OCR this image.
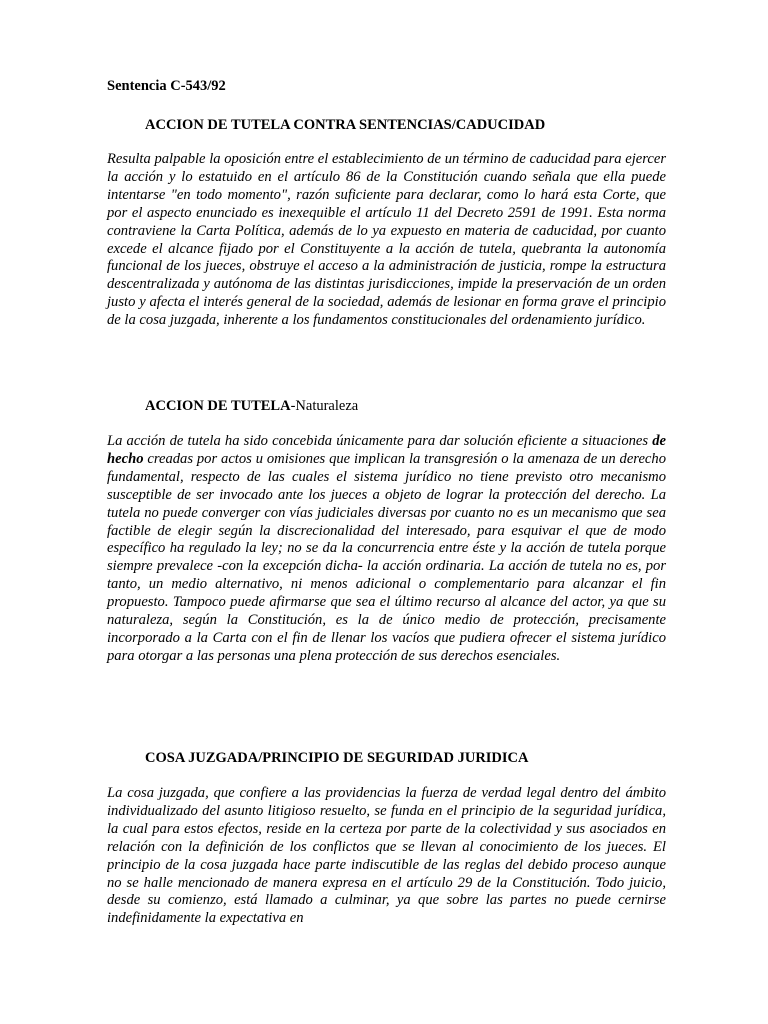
Sentencia C-543/92

ACCION DE TUTELA CONTRA SENTENCIAS/CADUCIDAD

Resulta palpable la oposición entre el establecimiento de un término de caducidad para ejercer la acción y lo estatuido en el artículo 86 de la Constitución cuando señala que ella puede intentarse "en todo momento", razón suficiente para declarar, como lo hará esta Corte, que por el aspecto enunciado es inexequible el artículo 11 del Decreto 2591 de 1991. Esta norma contraviene la Carta Política, además de lo ya expuesto en materia de caducidad, por cuanto excede el alcance fijado por el Constituyente a la acción de tutela, quebranta la autonomía funcional de los jueces, obstruye el acceso a la administración de justicia, rompe la estructura descentralizada y autónoma de las distintas jurisdicciones, impide la preservación de un orden justo y afecta el interés general de la sociedad, además de lesionar en forma grave el principio de la cosa juzgada, inherente a los fundamentos constitucionales del ordenamiento jurídico.

ACCION DE TUTELA-Naturaleza

La acción de tutela ha sido concebida únicamente para dar solución eficiente a situaciones de hecho creadas por actos u omisiones que implican la transgresión o la amenaza de un derecho fundamental, respecto de las cuales el sistema jurídico no tiene previsto otro mecanismo susceptible de ser invocado ante los jueces a objeto de lograr la protección del derecho. La tutela no puede converger con vías judiciales diversas por cuanto no es un mecanismo que sea factible de elegir según la discrecionalidad del interesado, para esquivar el que de modo específico ha regulado la ley; no se da la concurrencia entre éste y la acción de tutela porque siempre prevalece -con la excepción dicha- la acción ordinaria. La acción de tutela no es, por tanto, un medio alternativo, ni menos adicional o complementario para alcanzar el fin propuesto. Tampoco puede afirmarse que sea el último recurso al alcance del actor, ya que su naturaleza, según la Constitución, es la de único medio de protección, precisamente incorporado a la Carta con el fin de llenar los vacíos que pudiera ofrecer el sistema jurídico para otorgar a las personas una plena protección de sus derechos esenciales.

COSA JUZGADA/PRINCIPIO DE SEGURIDAD JURIDICA

La cosa juzgada, que confiere a las providencias la fuerza de verdad legal dentro del ámbito individualizado del asunto litigioso resuelto, se funda en el principio de la seguridad jurídica, la cual para estos efectos, reside en la certeza por parte de la colectividad y sus asociados en relación con la definición de los conflictos que se llevan al conocimiento de los jueces. El principio de la cosa juzgada hace parte indiscutible de las reglas del debido proceso aunque no se halle mencionado de manera expresa en el artículo 29 de la Constitución. Todo juicio, desde su comienzo, está llamado a culminar, ya que sobre las partes no puede cernirse indefinidamente la expectativa en
